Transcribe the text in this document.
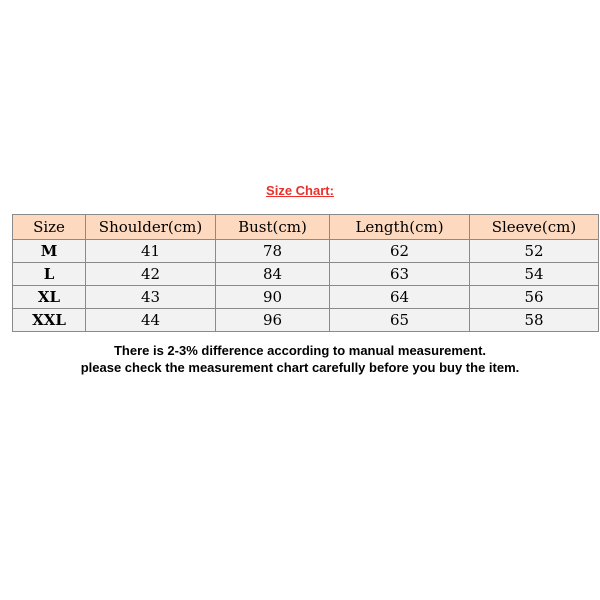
Size Chart:
Size	Shoulder(cm)	Bust(cm)	Length(cm)	Sleeve(cm)
M	41	78	62	52
L	42	84	63	54
XL	43	90	64	56
XXL	44	96	65	58

There is 2-3% difference according to manual measurement.

please check the measurement chart carefully before you buy the item.
